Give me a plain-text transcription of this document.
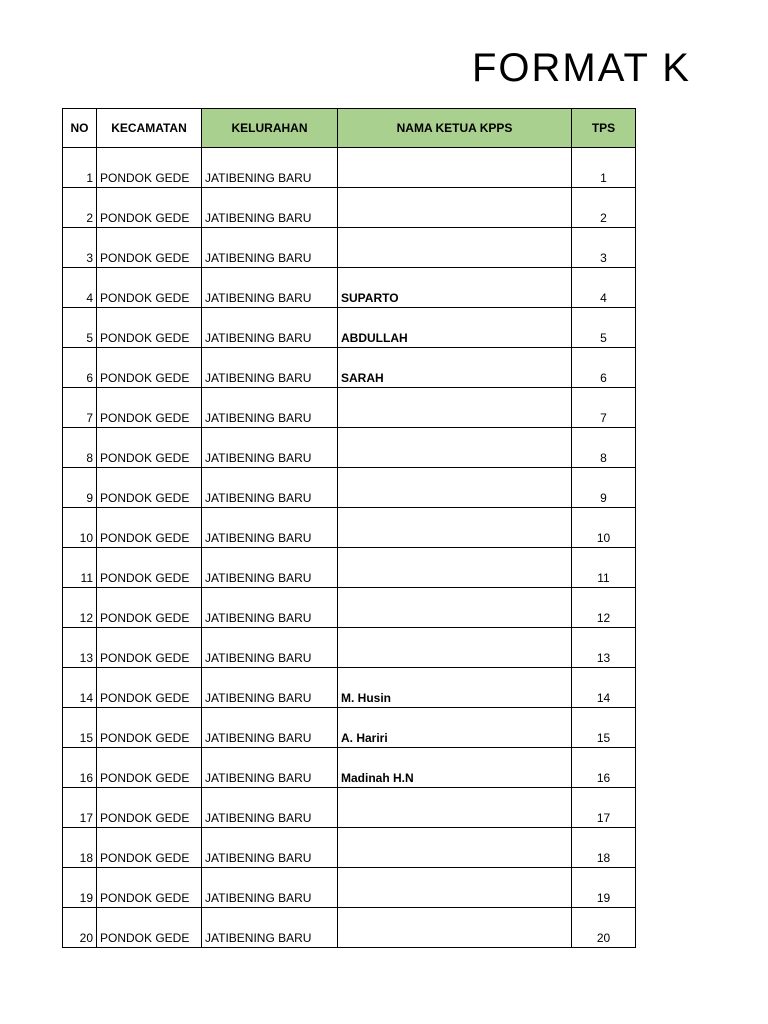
FORMAT K
NO	KECAMATAN	KELURAHAN	NAMA KETUA KPPS	TPS
1	PONDOK GEDE	JATIBENING BARU		1
2	PONDOK GEDE	JATIBENING BARU		2
3	PONDOK GEDE	JATIBENING BARU		3
4	PONDOK GEDE	JATIBENING BARU	SUPARTO	4
5	PONDOK GEDE	JATIBENING BARU	ABDULLAH	5
6	PONDOK GEDE	JATIBENING BARU	SARAH	6
7	PONDOK GEDE	JATIBENING BARU		7
8	PONDOK GEDE	JATIBENING BARU		8
9	PONDOK GEDE	JATIBENING BARU		9
10	PONDOK GEDE	JATIBENING BARU		10
11	PONDOK GEDE	JATIBENING BARU		11
12	PONDOK GEDE	JATIBENING BARU		12
13	PONDOK GEDE	JATIBENING BARU		13
14	PONDOK GEDE	JATIBENING BARU	M. Husin	14
15	PONDOK GEDE	JATIBENING BARU	A. Hariri	15
16	PONDOK GEDE	JATIBENING BARU	Madinah H.N	16
17	PONDOK GEDE	JATIBENING BARU		17
18	PONDOK GEDE	JATIBENING BARU		18
19	PONDOK GEDE	JATIBENING BARU		19
20	PONDOK GEDE	JATIBENING BARU		20
